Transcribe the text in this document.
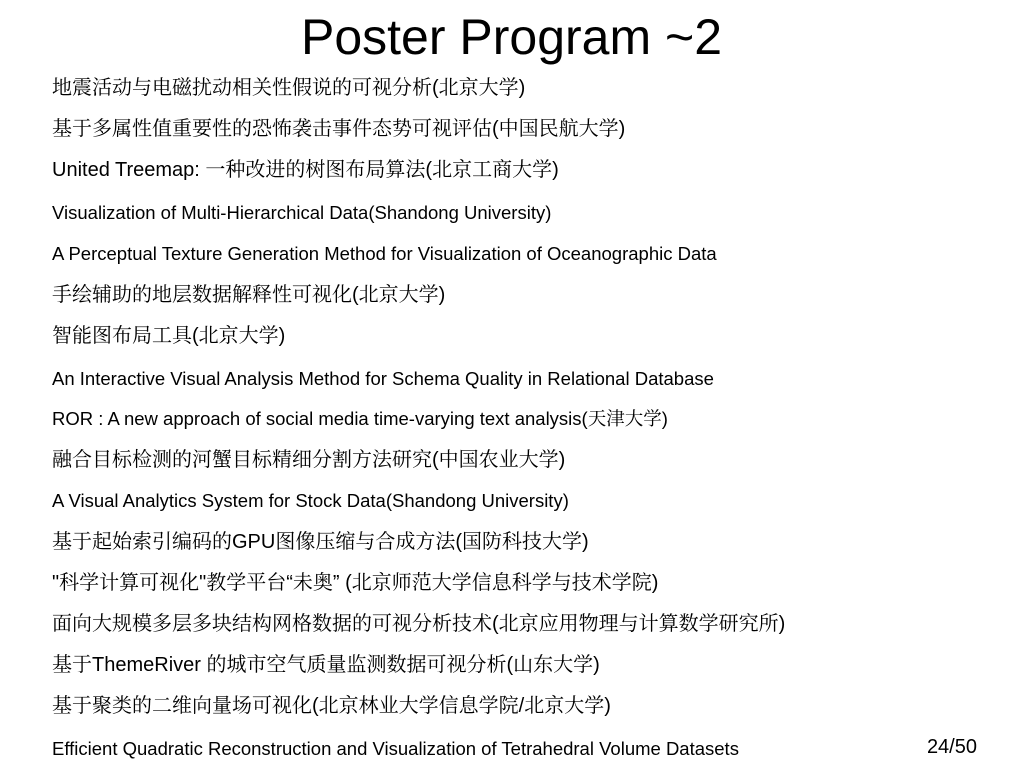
Poster Program ~2
地震活动与电磁扰动相关性假说的可视分析(北京大学)
基于多属性值重要性的恐怖袭击事件态势可视评估(中国民航大学)
United Treemap: 一种改进的树图布局算法(北京工商大学)
Visualization of Multi-Hierarchical Data(Shandong University)
A Perceptual Texture Generation Method for Visualization of Oceanographic Data
手绘辅助的地层数据解释性可视化(北京大学)
智能图布局工具(北京大学)
An Interactive Visual Analysis Method for Schema Quality in Relational Database
ROR : A new approach of social media time-varying text analysis(天津大学)
融合目标检测的河蟹目标精细分割方法研究(中国农业大学)
A Visual Analytics System for Stock Data(Shandong University)
基于起始索引编码的GPU图像压缩与合成方法(国防科技大学)
"科学计算可视化"教学平台“未奥” (北京师范大学信息科学与技术学院)
面向大规模多层多块结构网格数据的可视分析技术(北京应用物理与计算数学研究所)
基于ThemeRiver 的城市空气质量监测数据可视分析(山东大学)
基于聚类的二维向量场可视化(北京林业大学信息学院/北京大学)
Efficient Quadratic Reconstruction and Visualization of Tetrahedral Volume Datasets	24/50
